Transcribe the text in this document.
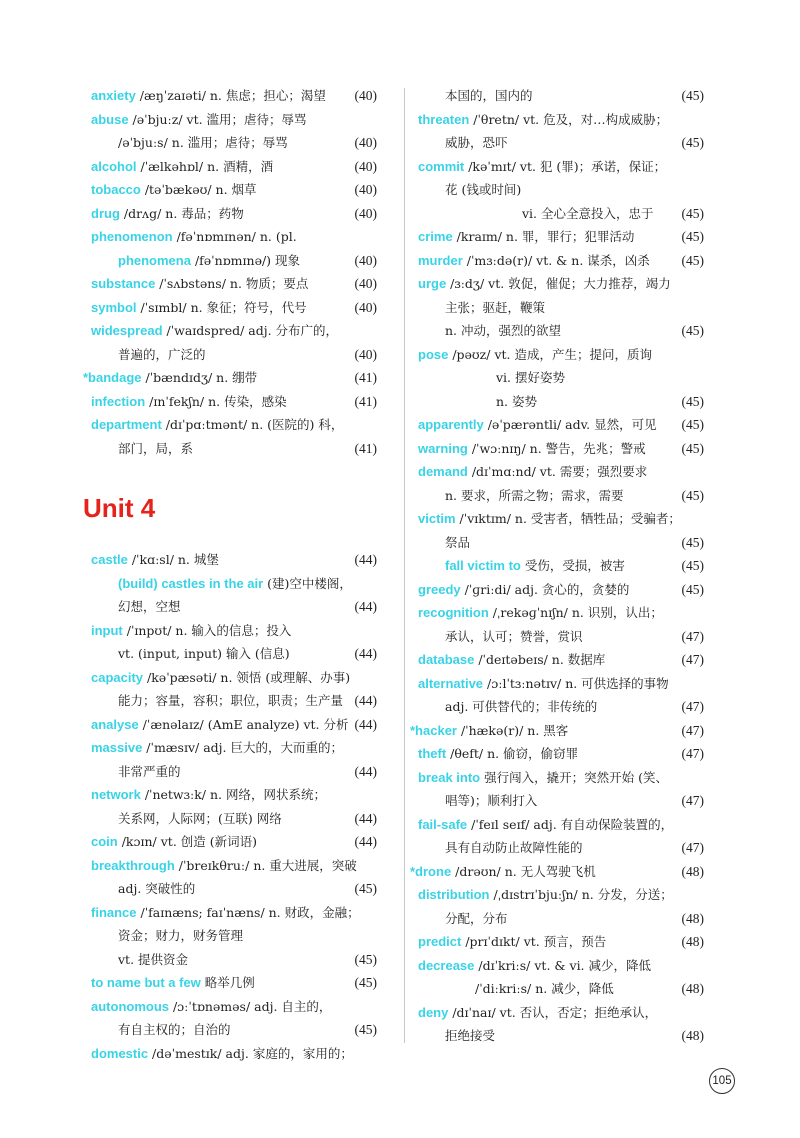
anxiety /æŋˈzaɪəti/ n. 焦虑；担心；渴望 (40)
abuse /əˈbjuːz/ vt. 滥用；虐待；辱骂
/əˈbjuːs/ n. 滥用；虐待；辱骂	(40)
alcohol /ˈælkəhɒl/ n. 酒精，酒	(40)
tobacco /təˈbækəʊ/ n. 烟草	(40)
drug /drʌg/ n. 毒品；药物	(40)
phenomenon /fəˈnɒmɪnən/ n. (pl.
phenomena /fəˈnɒmɪnə/) 现象	(40)
substance /ˈsʌbstəns/ n. 物质；要点	(40)
symbol /ˈsɪmbl/ n. 象征；符号，代号	(40)
widespread /ˈwaɪdspred/ adj. 分布广的，
普遍的，广泛的	(40)
*bandage /ˈbændɪdʒ/ n. 绷带	(41)
infection /ɪnˈfekʃn/ n. 传染，感染	(41)
department /dɪˈpɑːtmənt/ n. (医院的) 科，
部门，局，系	(41)
Unit 4
castle /ˈkɑːsl/ n. 城堡	(44)
(build) castles in the air (建)空中楼阁，
幻想，空想	(44)
input /ˈɪnpʊt/ n. 输入的信息；投入
vt. (input, input) 输入 (信息)	(44)
capacity /kəˈpæsəti/ n. 领悟 (或理解、办事)
能力；容量，容积；职位，职责；生产量 (44)
analyse /ˈænəlaɪz/ (AmE analyze) vt. 分析 (44)
massive /ˈmæsɪv/ adj. 巨大的，大而重的；
非常严重的	(44)
network /ˈnetwɜːk/ n. 网络，网状系统；
关系网，人际网；(互联) 网络	(44)
coin /kɔɪn/ vt. 创造 (新词语)	(44)
breakthrough /ˈbreɪkθruː/ n. 重大进展，突破
adj. 突破性的	(45)
finance /ˈfaɪnæns; faɪˈnæns/ n. 财政，金融；
资金；财力，财务管理
vt. 提供资金	(45)
to name but a few 略举几例	(45)
autonomous /ɔːˈtɒnəməs/ adj. 自主的，
有自主权的；自治的	(45)
domestic /dəˈmestɪk/ adj. 家庭的，家用的；
本国的，国内的	(45)
threaten /ˈθretn/ vt. 危及，对…构成威胁；
威胁，恐吓	(45)
commit /kəˈmɪt/ vt. 犯 (罪)；承诺，保证；
花 (钱或时间)
vi. 全心全意投入，忠于 (45)
crime /kraɪm/ n. 罪，罪行；犯罪活动	(45)
murder /ˈmɜːdə(r)/ vt. & n. 谋杀，凶杀 (45)
urge /ɜːdʒ/ vt. 敦促，催促；大力推荐，竭力
主张；驱赶，鞭策
n. 冲动，强烈的欲望	(45)
pose /pəʊz/ vt. 造成，产生；提问，质询
vi. 摆好姿势
n. 姿势	(45)
apparently /əˈpærəntli/ adv. 显然，可见 (45)
warning /ˈwɔːnɪŋ/ n. 警告，先兆；警戒	(45)
demand /dɪˈmɑːnd/ vt. 需要；强烈要求
n. 要求，所需之物；需求，需要	(45)
victim /ˈvɪktɪm/ n. 受害者，牺牲品；受骗者；
祭品	(45)
fall victim to 受伤，受损，被害	(45)
greedy /ˈɡriːdi/ adj. 贪心的，贪婪的	(45)
recognition /ˌrekəɡˈnɪʃn/ n. 识别，认出；
承认，认可；赞誉，赏识	(47)
database /ˈdeɪtəbeɪs/ n. 数据库	(47)
alternative /ɔːlˈtɜːnətɪv/ n. 可供选择的事物
adj. 可供替代的；非传统的	(47)
*hacker /ˈhækə(r)/ n. 黑客	(47)
theft /θeft/ n. 偷窃，偷窃罪	(47)
break into 强行闯入，撬开；突然开始 (笑、
唱等)；顺利打入	(47)
fail-safe /ˈfeɪl seɪf/ adj. 有自动保险装置的，
具有自动防止故障性能的	(47)
*drone /drəʊn/ n. 无人驾驶飞机	(48)
distribution /ˌdɪstrɪˈbjuːʃn/ n. 分发，分送；
分配，分布	(48)
predict /prɪˈdɪkt/ vt. 预言，预告	(48)
decrease /dɪˈkriːs/ vt. & vi. 减少，降低
/ˈdiːkriːs/ n. 减少，降低	(48)
deny /dɪˈnaɪ/ vt. 否认，否定；拒绝承认，
拒绝接受	(48)
105
